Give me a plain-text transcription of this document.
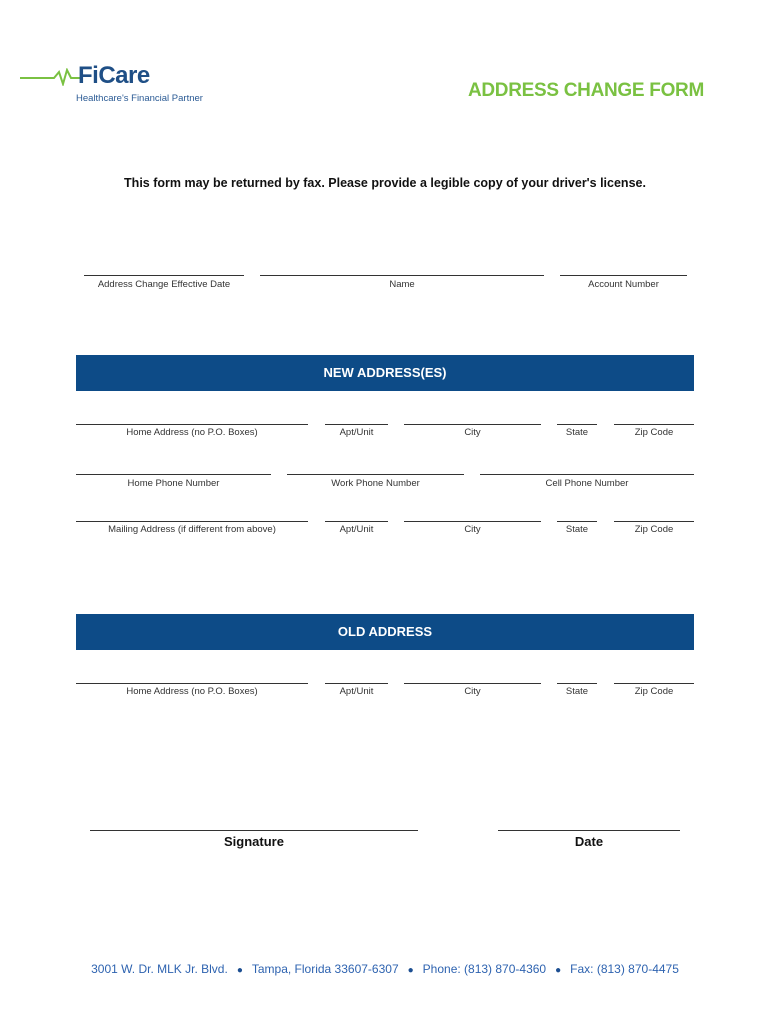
FiCare
Healthcare's Financial Partner	ADDRESS CHANGE FORM
This form may be returned by fax. Please provide a legible copy of your driver's license.
Address Change Effective Date	Name	Account Number
NEW ADDRESS(ES)
Home Address (no P.O. Boxes)	Apt/Unit	City	State	Zip Code
Home Phone Number	Work Phone Number	Cell Phone Number
Mailing Address (if different from above)	Apt/Unit	City	State	Zip Code
OLD ADDRESS
Home Address (no P.O. Boxes)	Apt/Unit	City	State	Zip Code
Signature	Date
3001 W. Dr. MLK Jr. Blvd. ● Tampa, Florida 33607-6307 ● Phone: (813) 870-4360 ● Fax: (813) 870-4475
